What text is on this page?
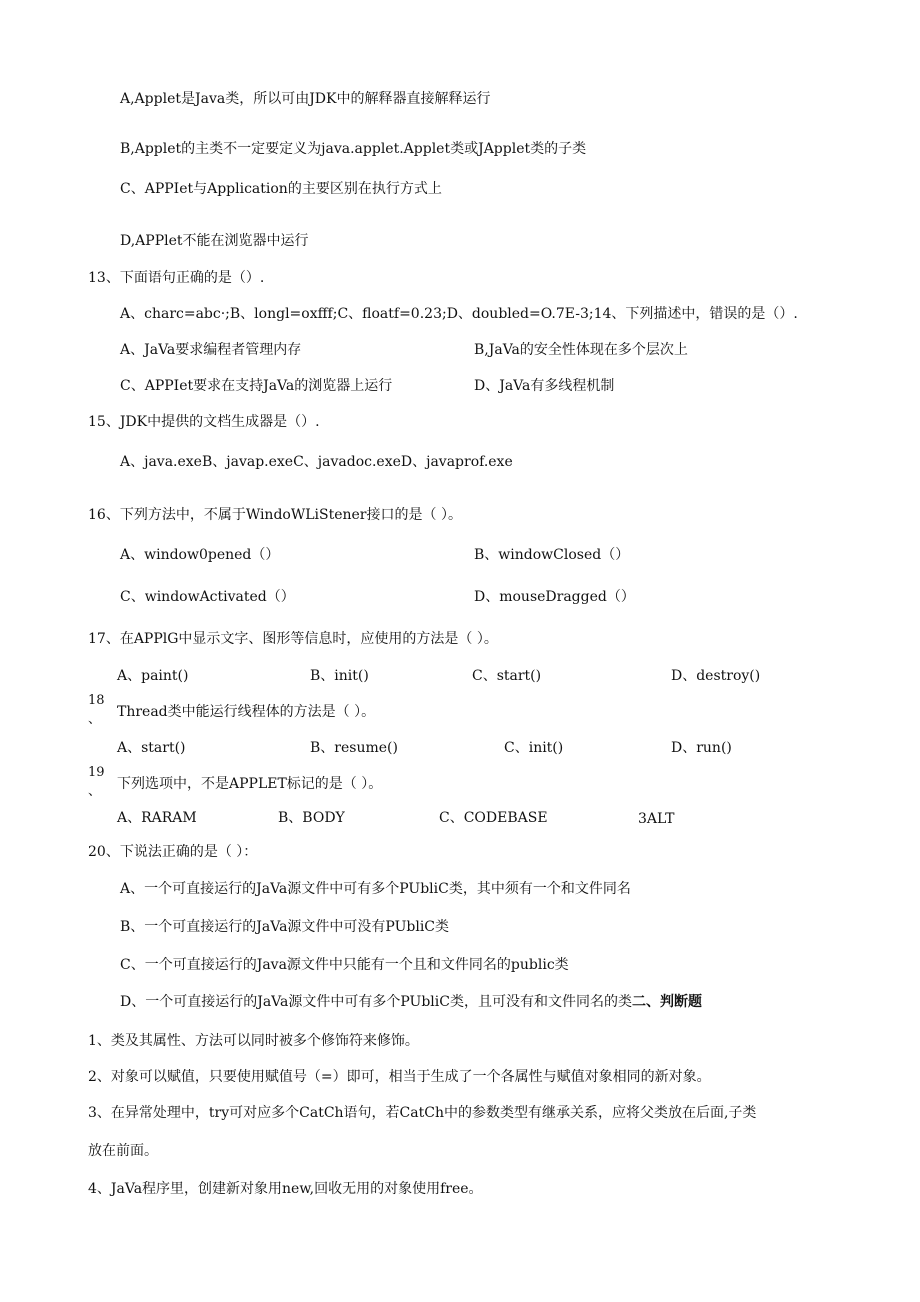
A,Applet是Java类，所以可由JDK中的解释器直接解释运行
B,Applet的主类不一定要定义为java.applet.Applet类或JApplet类的子类
C、APPIet与Application的主要区别在执行方式上
D,APPlet不能在浏览器中运行
13、下面语句正确的是（）.
A、charc=abc·;B、longl=oxfff;C、floatf=0.23;D、doubled=O.7E-3;14、下列描述中，错误的是（）.
A、JaVa要求编程者管理内存	B,JaVa的安全性体现在多个层次上
C、APPIet要求在支持JaVa的浏览器上运行	D、JaVa有多线程机制
15、JDK中提供的文档生成器是（）.
A、java.exeB、javap.exeC、javadoc.exeD、javaprof.exe
16、下列方法中，不属于WindoWLiStener接口的是（ ）。
A、window0pened（）	B、windowClosed（）
C、windowActivated（）	D、mouseDragged（）
17、在APPlG中显示文字、图形等信息时，应使用的方法是（ ）。
A、paint()	B、init()	C、start()	D、destroy()
18
、 Thread类中能运行线程体的方法是（ ）。
A、start()	B、resume()	C、init()	D、run()
19
、 下列选项中，不是APPLET标记的是（ ）。
A、RARAM	B、BODY	C、CODEBASE	3ALT
20、下说法正确的是（ ）：
A、一个可直接运行的JaVa源文件中可有多个PUbliC类，其中须有一个和文件同名
B、一个可直接运行的JaVa源文件中可没有PUbliC类
C、一个可直接运行的Java源文件中只能有一个且和文件同名的public类
D、一个可直接运行的JaVa源文件中可有多个PUbliC类，且可没有和文件同名的类二、判断题
1、类及其属性、方法可以同时被多个修饰符来修饰。
2、对象可以赋值，只要使用赋值号（=）即可，相当于生成了一个各属性与赋值对象相同的新对象。
3、在异常处理中，try可对应多个CatCh语句，若CatCh中的参数类型有继承关系，应将父类放在后面,子类
放在前面。
4、JaVa程序里，创建新对象用new,回收无用的对象使用free。
